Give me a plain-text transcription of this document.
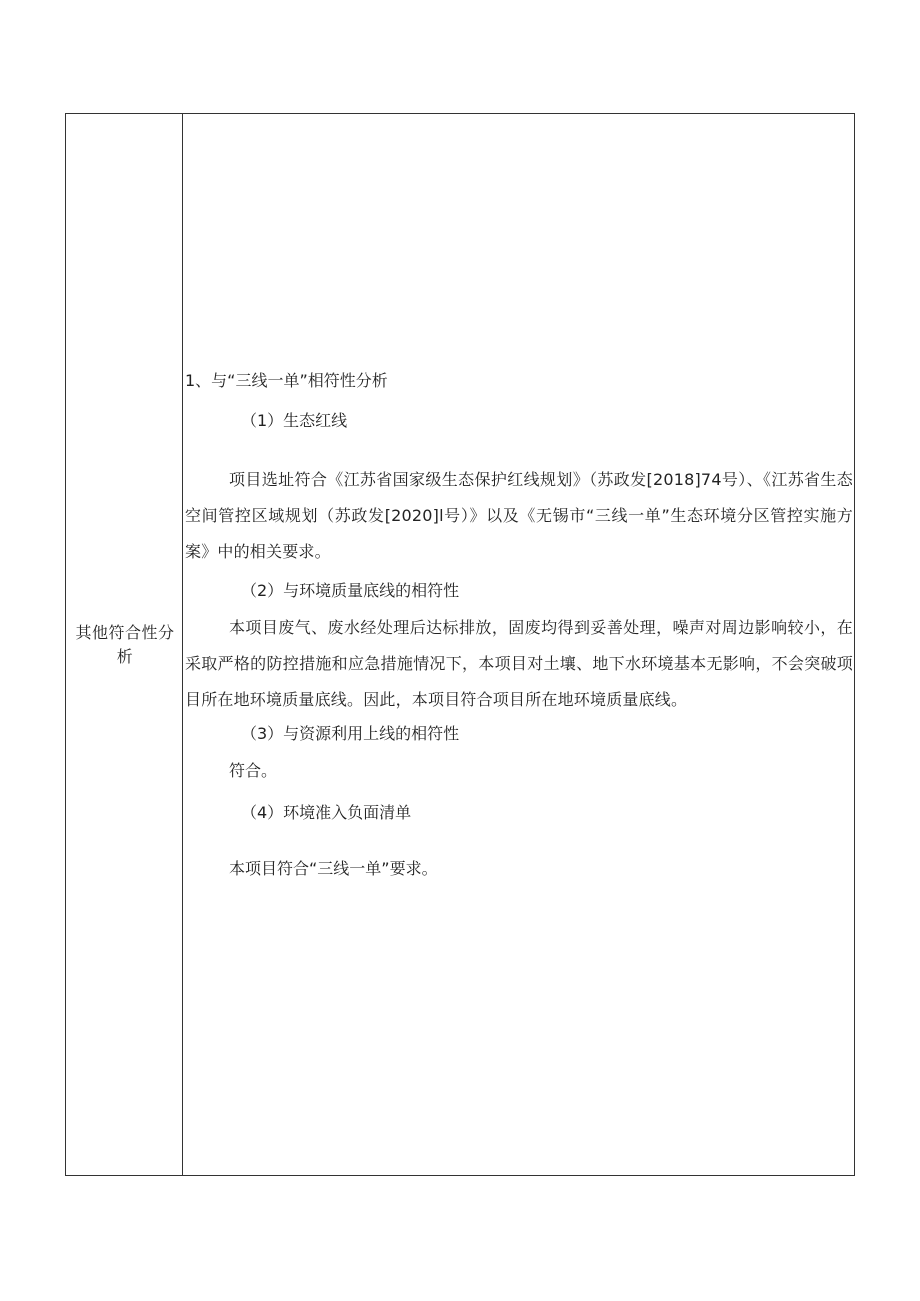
其他符合性分析
1、与“三线一单”相符性分析
（1）生态红线
项目选址符合《江苏省国家级生态保护红线规划》（苏政发[2018]74号）、《江苏省生态空间管控区域规划（苏政发[2020]l号）》以及《无锡市“三线一单”生态环境分区管控实施方案》中的相关要求。
（2）与环境质量底线的相符性
本项目废气、废水经处理后达标排放，固废均得到妥善处理，噪声对周边影响较小，在采取严格的防控措施和应急措施情况下，本项目对土壤、地下水环境基本无影响，不会突破项目所在地环境质量底线。因此，本项目符合项目所在地环境质量底线。
（3）与资源利用上线的相符性
符合。
（4）环境准入负面清单
本项目符合“三线一单”要求。
